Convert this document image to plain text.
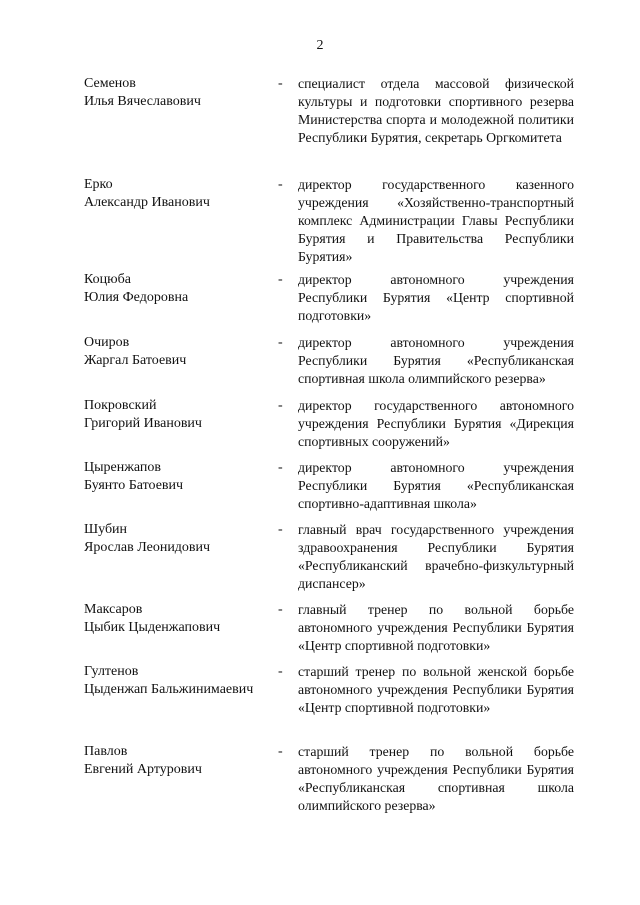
2
Семенов
Илья Вячеславович
-	специалист отдела массовой физической культуры и подготовки спортивного резерва Министерства спорта и молодежной политики Республики Бурятия, секретарь Оргкомитета
Ерко
Александр Иванович
-	директор государственного казенного учреждения «Хозяйственно-транспортный комплекс Администрации Главы Республики Бурятия и Правительства Республики Бурятия»
Коцюба
Юлия Федоровна
-	директор автономного учреждения Республики Бурятия «Центр спортивной подготовки»
Очиров
Жаргал Батоевич
-	директор автономного учреждения Республики Бурятия «Республиканская спортивная школа олимпийского резерва»
Покровский
Григорий Иванович
-	директор государственного автономного учреждения Республики Бурятия «Дирекция спортивных сооружений»
Цыренжапов
Буянто Батоевич
-	директор автономного учреждения Республики Бурятия «Республиканская спортивно-адаптивная школа»
Шубин
Ярослав Леонидович
-	главный врач государственного учреждения здравоохранения Республики Бурятия «Республиканский врачебно-физкультурный диспансер»
Максаров
Цыбик Цыденжапович
-	главный тренер по вольной борьбе автономного учреждения Республики Бурятия «Центр спортивной подготовки»
Гултенов
Цыденжап Бальжинимаевич
-	старший тренер по вольной женской борьбе автономного учреждения Республики Бурятия «Центр спортивной подготовки»
Павлов
Евгений Артурович
-	старший тренер по вольной борьбе автономного учреждения Республики Бурятия «Республиканская спортивная школа олимпийского резерва»
